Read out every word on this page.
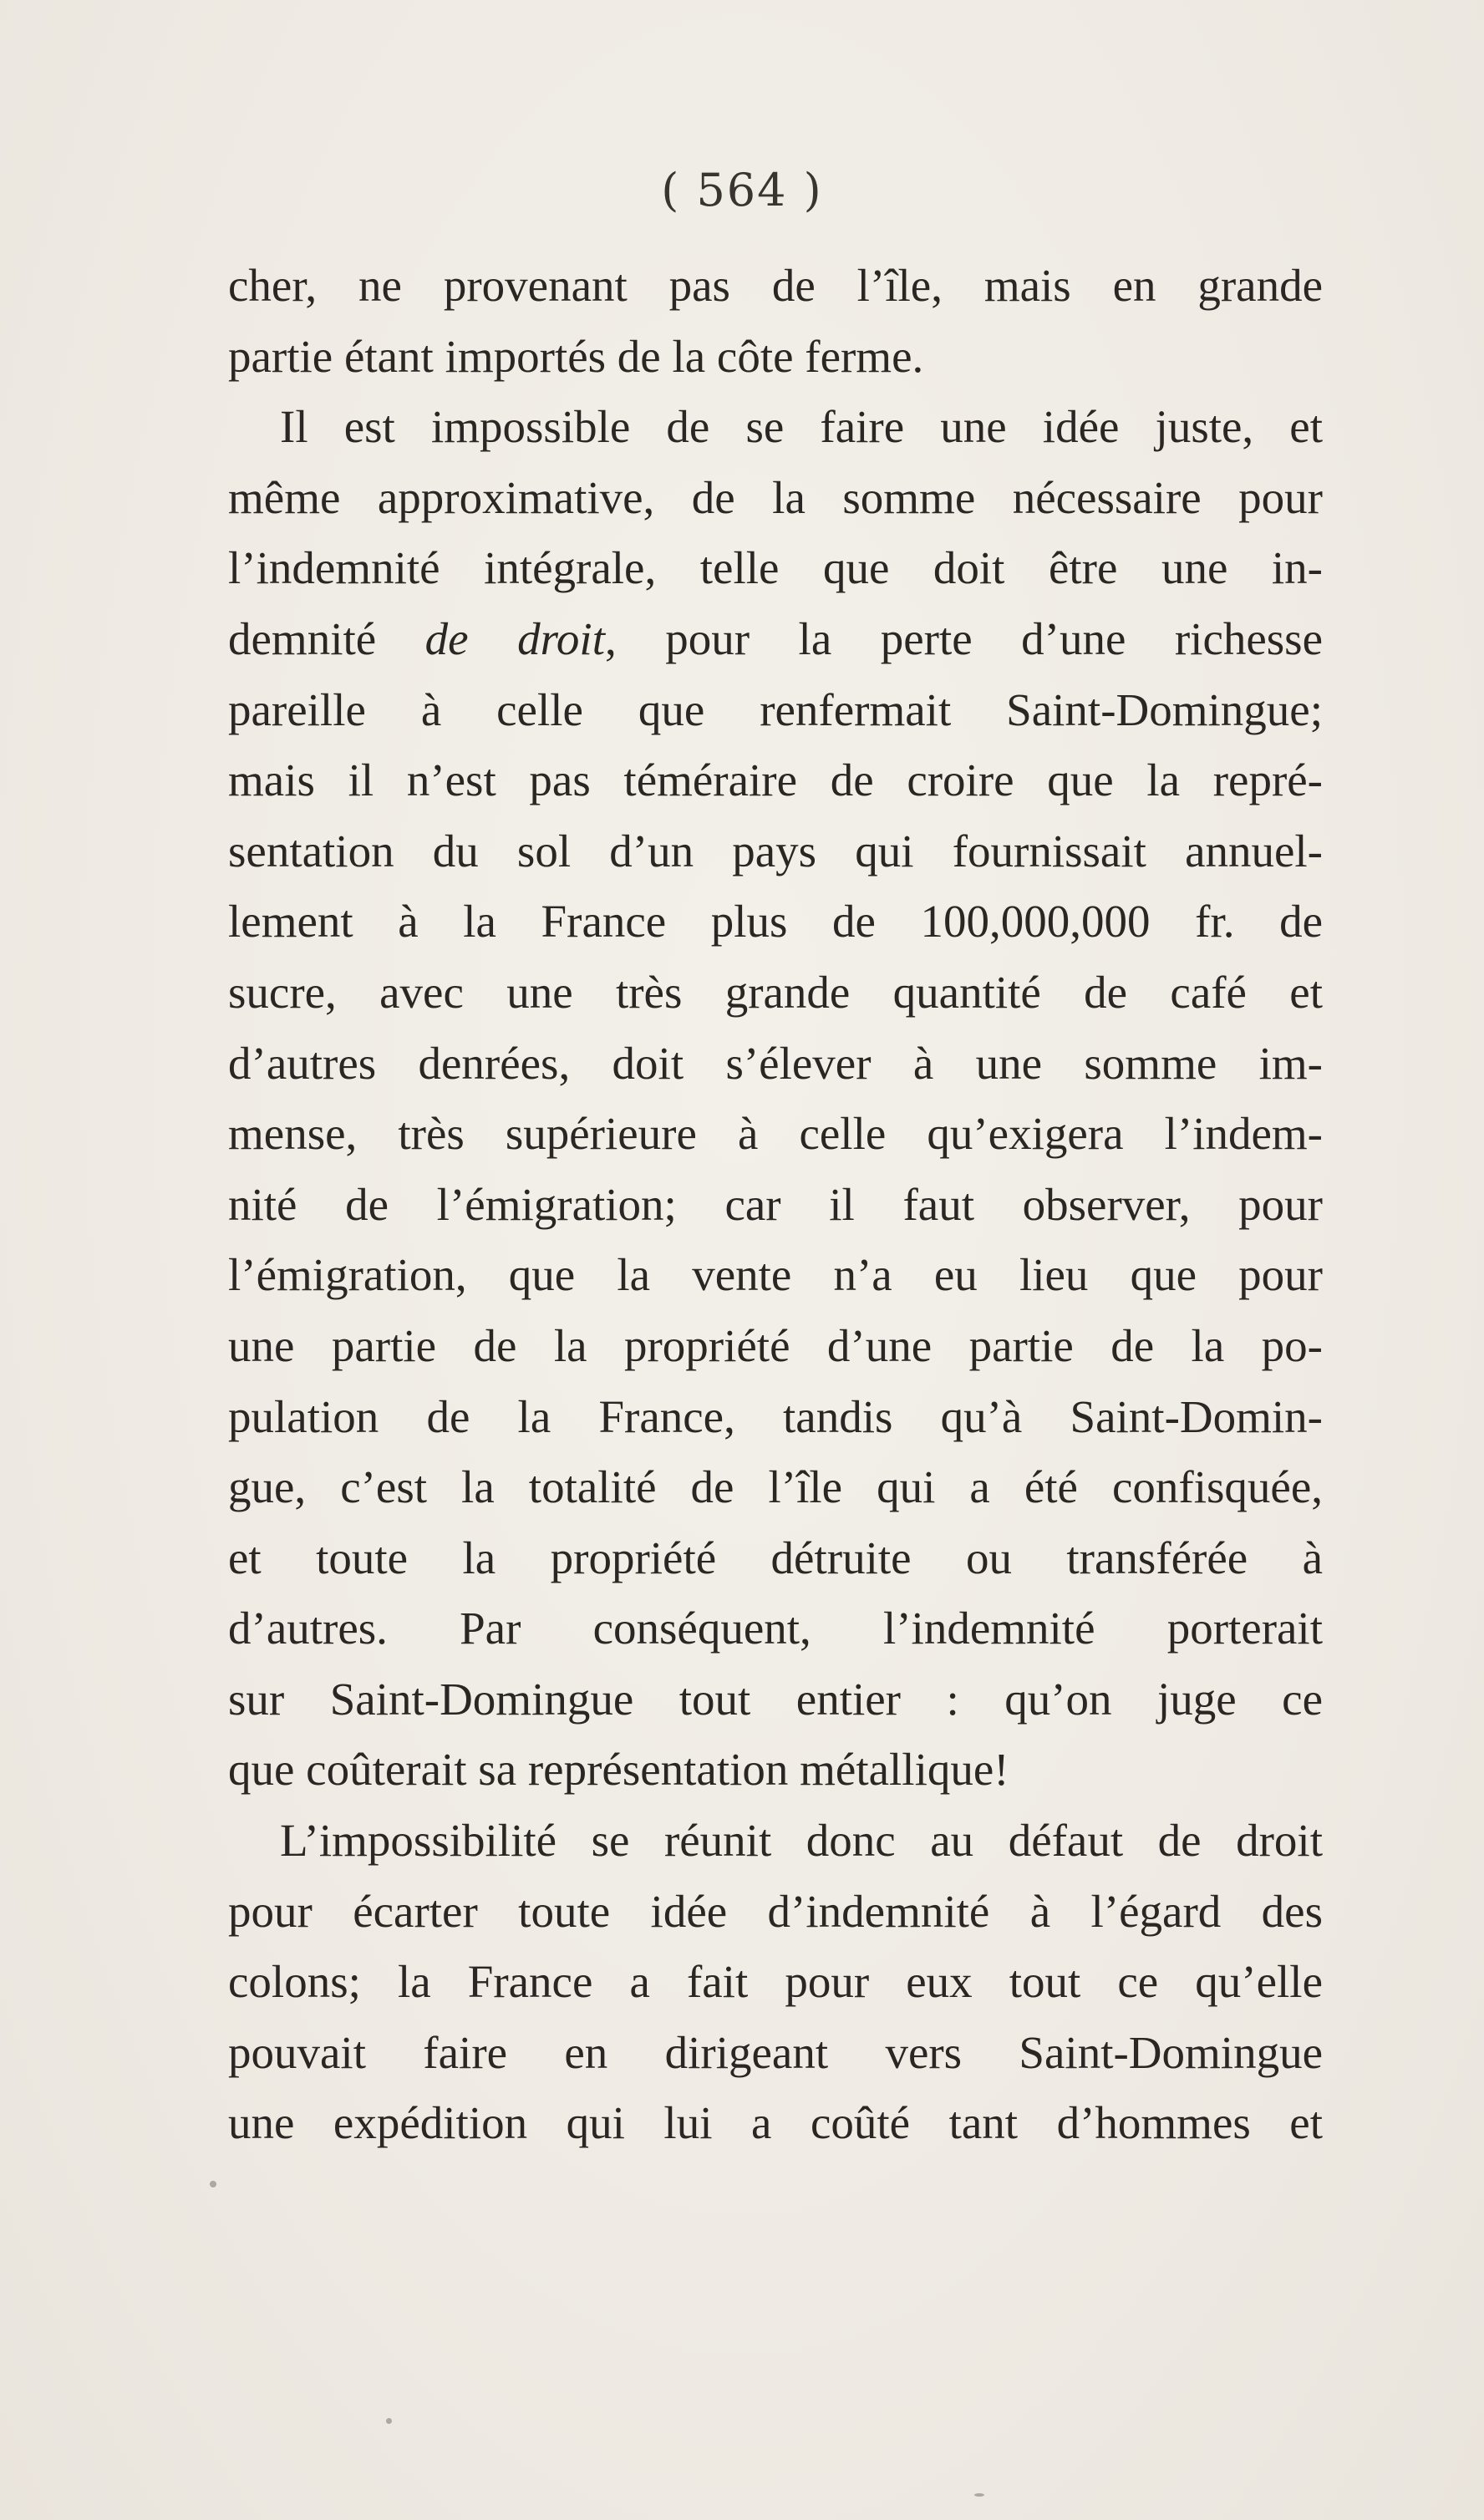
( 564 )
cher, ne provenant pas de l’île, mais en grande
partie étant importés de la côte ferme.
Il est impossible de se faire une idée juste, et
même approximative, de la somme nécessaire pour
l’indemnité intégrale, telle que doit être une in-
demnité de droit, pour la perte d’une richesse
pareille à celle que renfermait Saint-Domingue;
mais il n’est pas téméraire de croire que la repré-
sentation du sol d’un pays qui fournissait annuel-
lement à la France plus de 100,000,000 fr. de
sucre, avec une très grande quantité de café et
d’autres denrées, doit s’élever à une somme im-
mense, très supérieure à celle qu’exigera l’indem-
nité de l’émigration; car il faut observer, pour
l’émigration, que la vente n’a eu lieu que pour
une partie de la propriété d’une partie de la po-
pulation de la France, tandis qu’à Saint-Domin-
gue, c’est la totalité de l’île qui a été confisquée,
et toute la propriété détruite ou transférée à
d’autres. Par conséquent, l’indemnité porterait
sur Saint-Domingue tout entier : qu’on juge ce
que coûterait sa représentation métallique!
L’impossibilité se réunit donc au défaut de droit
pour écarter toute idée d’indemnité à l’égard des
colons; la France a fait pour eux tout ce qu’elle
pouvait faire en dirigeant vers Saint-Domingue
une expédition qui lui a coûté tant d’hommes et
